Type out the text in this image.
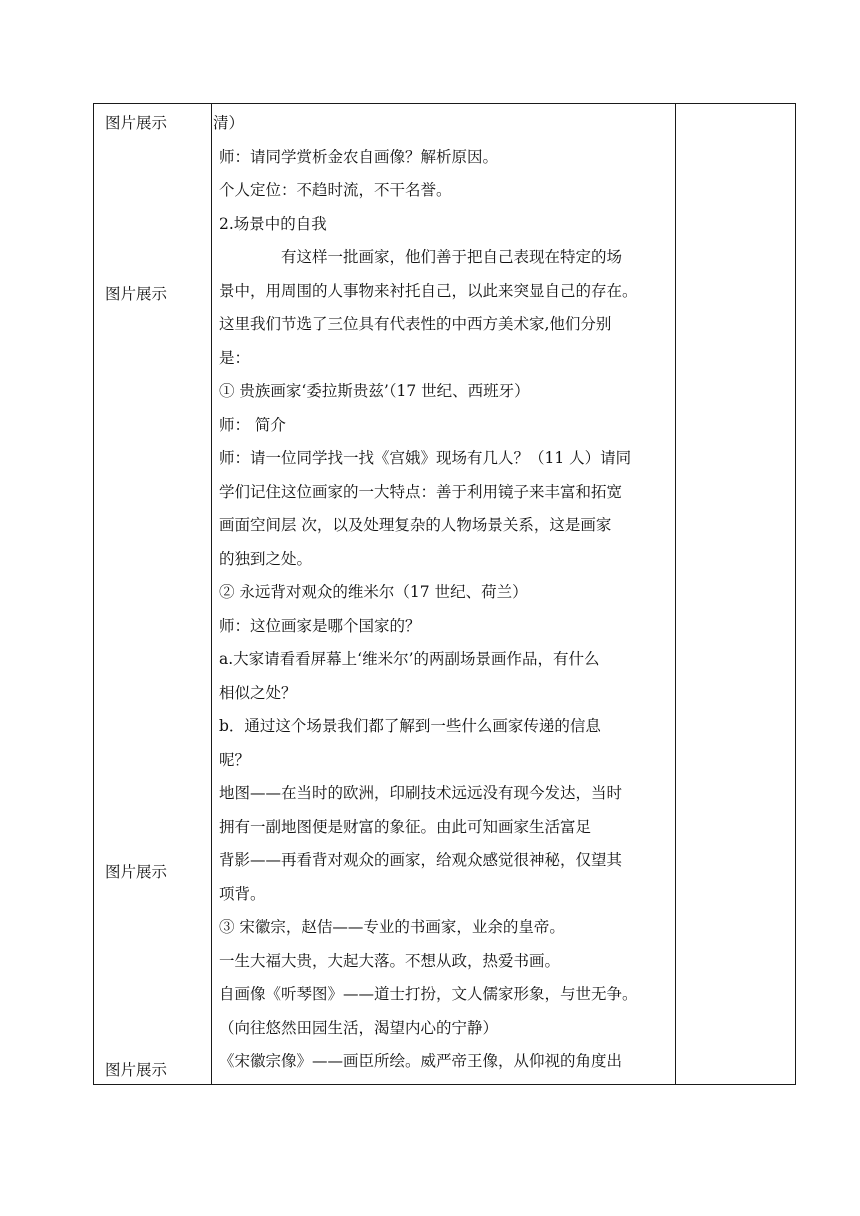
图片展示
图片展示
图片展示
图片展示
清）
师：请同学赏析金农自画像？解析原因。
个人定位：不趋时流，不干名誉。
2.场景中的自我
有这样一批画家，他们善于把自己表现在特定的场
景中，用周围的人事物来衬托自己，以此来突显自己的存在。
这里我们节选了三位具有代表性的中西方美术家,他们分别
是：
① 贵族画家‘委拉斯贵兹’（17 世纪、西班牙）
师： 简介
师：请一位同学找一找《宫娥》现场有几人？（11 人）请同
学们记住这位画家的一大特点：善于利用镜子来丰富和拓宽
画面空间层 次，以及处理复杂的人物场景关系，这是画家
的独到之处。
② 永远背对观众的维米尔（17 世纪、荷兰）
师：这位画家是哪个国家的？
a.大家请看看屏幕上‘维米尔’的两副场景画作品，有什么
相似之处？
b．通过这个场景我们都了解到一些什么画家传递的信息
呢？
地图——在当时的欧洲，印刷技术远远没有现今发达，当时
拥有一副地图便是财富的象征。由此可知画家生活富足
背影——再看背对观众的画家，给观众感觉很神秘，仅望其
项背。
③ 宋徽宗，赵佶——专业的书画家，业余的皇帝。
一生大福大贵，大起大落。不想从政，热爱书画。
自画像《听琴图》——道士打扮，文人儒家形象，与世无争。
（向往悠然田园生活，渴望内心的宁静）
《宋徽宗像》——画臣所绘。威严帝王像，从仰视的角度出
